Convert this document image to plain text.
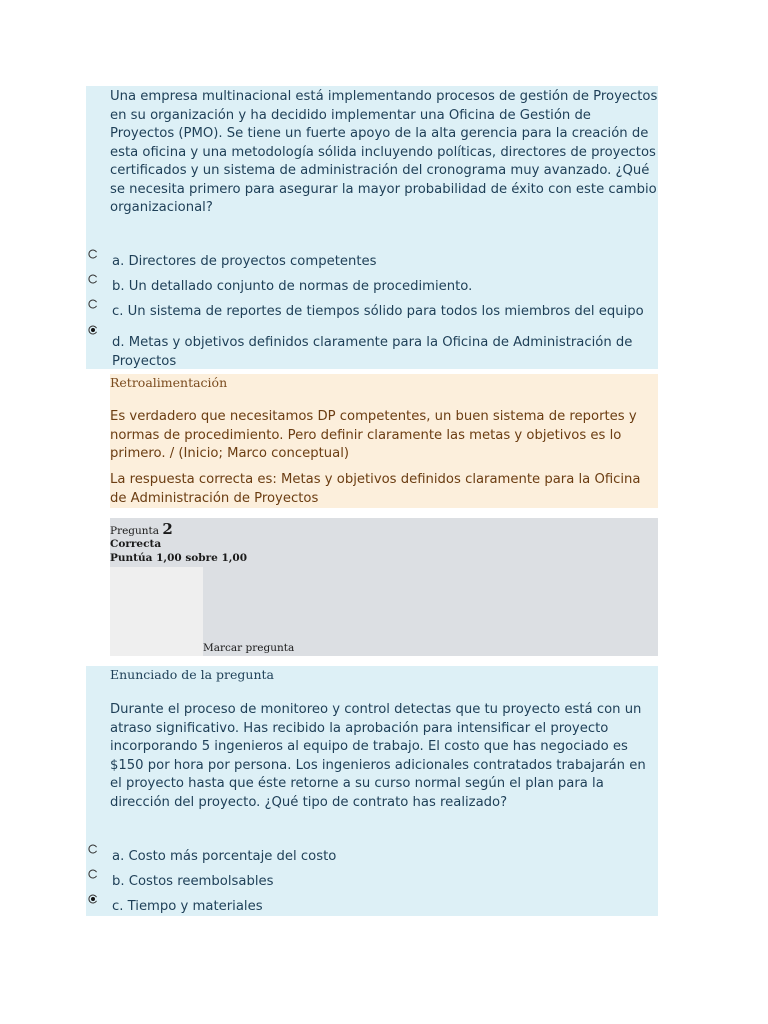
Una empresa multinacional está implementando procesos de gestión de Proyectos en su organización y ha decidido implementar una Oficina de Gestión de Proyectos (PMO). Se tiene un fuerte apoyo de la alta gerencia para la creación de esta oficina y una metodología sólida incluyendo políticas, directores de proyectos certificados y un sistema de administración del cronograma muy avanzado. ¿Qué se necesita primero para asegurar la mayor probabilidad de éxito con este cambio organizacional?
a. Directores de proyectos competentes
b. Un detallado conjunto de normas de procedimiento.
c. Un sistema de reportes de tiempos sólido para todos los miembros del equipo
d. Metas y objetivos definidos claramente para la Oficina de Administración de Proyectos
Retroalimentación
Es verdadero que necesitamos DP competentes, un buen sistema de reportes y normas de procedimiento. Pero definir claramente las metas y objetivos es lo primero. / (Inicio; Marco conceptual)
La respuesta correcta es: Metas y objetivos definidos claramente para la Oficina de Administración de Proyectos
Pregunta 2
Correcta
Puntúa 1,00 sobre 1,00
Marcar pregunta
Enunciado de la pregunta
Durante el proceso de monitoreo y control detectas que tu proyecto está con un atraso significativo. Has recibido la aprobación para intensificar el proyecto incorporando 5 ingenieros al equipo de trabajo. El costo que has negociado es $150 por hora por persona. Los ingenieros adicionales contratados trabajarán en el proyecto hasta que éste retorne a su curso normal según el plan para la dirección del proyecto. ¿Qué tipo de contrato has realizado?
a. Costo más porcentaje del costo
b. Costos reembolsables
c. Tiempo y materiales
